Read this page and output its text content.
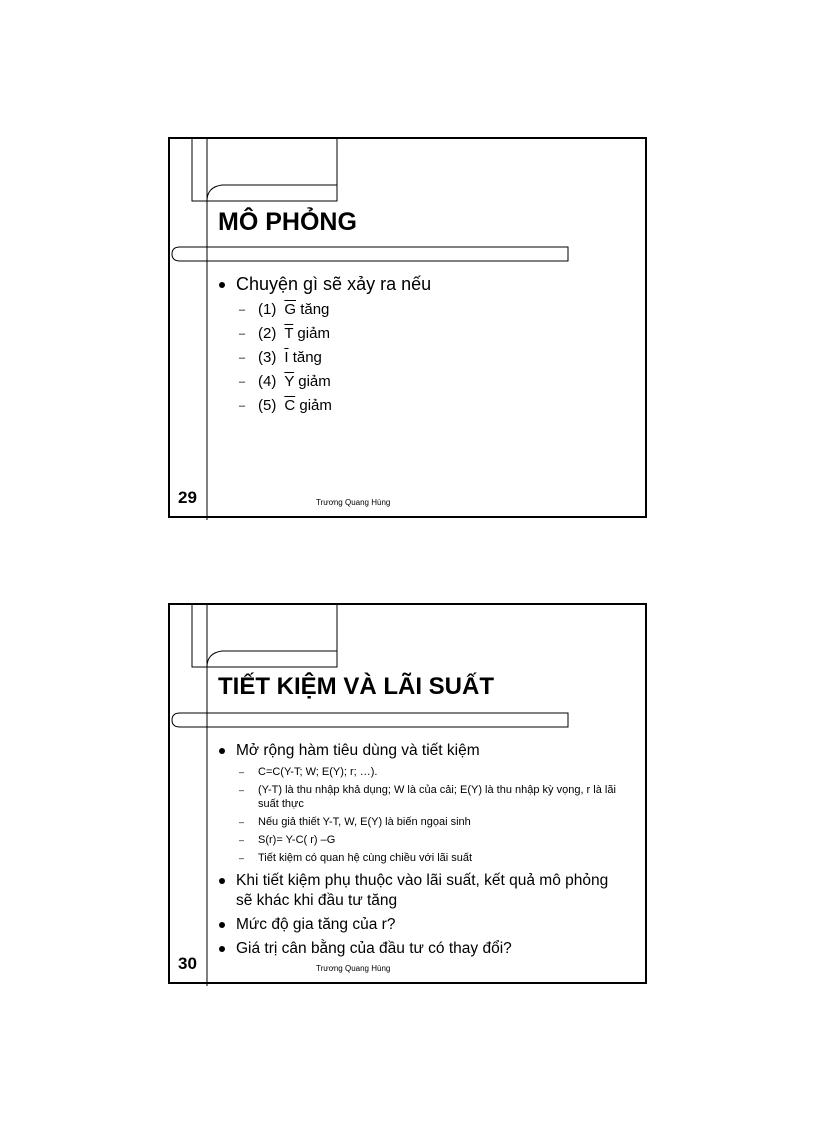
MÔ PHỎNG
Chuyện gì sẽ xảy ra nếu
– (1) $\overline{G}$ tăng
– (2) $\overline{T}$ giảm
– (3) $\overline{I}$ tăng
– (4) $\overline{Y}$ giảm
– (5) $\overline{C}$ giảm
29	Trương Quang Hùng
TIẾT KIỆM VÀ LÃI SUẤT
Mở rộng hàm tiêu dùng và tiết kiệm
– C=C(Y-T; W; E(Y); r; …).
– (Y-T) là thu nhập khả dụng; W là của cải; E(Y) là thu nhập kỳ vọng, r là lãi suất thực
– Nếu giả thiết Y-T, W, E(Y) là biến ngọai sinh
– S(r)= Y-C( r) –G
– Tiết kiệm có quan hệ cùng chiều với lãi suất
Khi tiết kiệm phụ thuộc vào lãi suất, kết quả mô phỏng sẽ khác khi đầu tư tăng
Mức độ gia tăng của r?
Giá trị cân bằng của đầu tư có thay đổi?
30	Trương Quang Hùng
